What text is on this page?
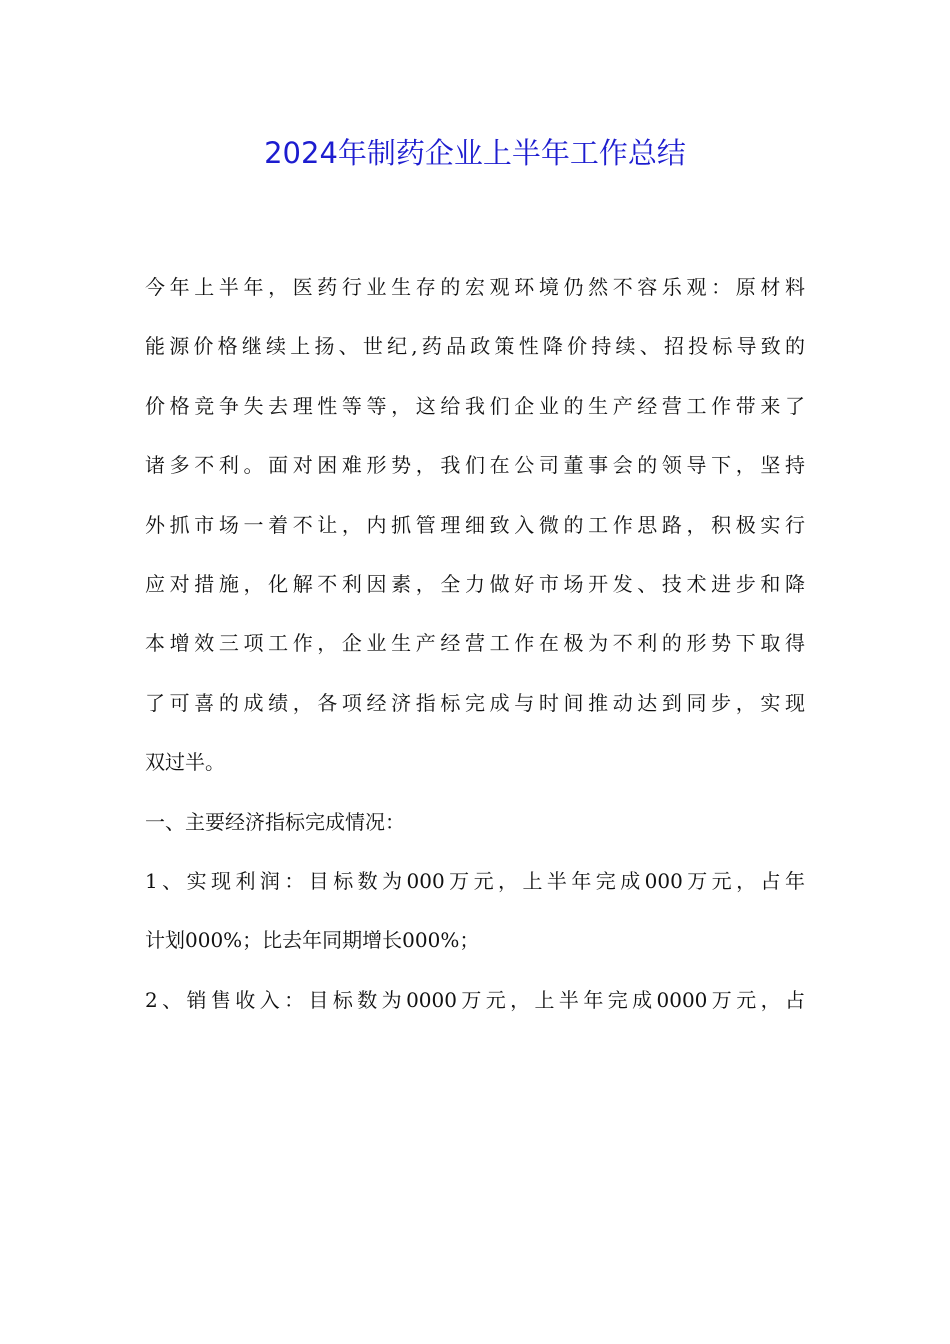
2024年制药企业上半年工作总结
今年上半年，医药行业生存的宏观环境仍然不容乐观：原材料
能源价格继续上扬、世纪,药品政策性降价持续、招投标导致的
价格竞争失去理性等等，这给我们企业的生产经营工作带来了
诸多不利。面对困难形势，我们在公司董事会的领导下，坚持
外抓市场一着不让，内抓管理细致入微的工作思路，积极实行
应对措施，化解不利因素，全力做好市场开发、技术进步和降
本增效三项工作，企业生产经营工作在极为不利的形势下取得
了可喜的成绩，各项经济指标完成与时间推动达到同步，实现
双过半。
一、主要经济指标完成情况：
1、实现利润：目标数为000万元，上半年完成000万元，占年
计划000%；比去年同期增长000%；
2、销售收入：目标数为0000万元，上半年完成0000万元，占
